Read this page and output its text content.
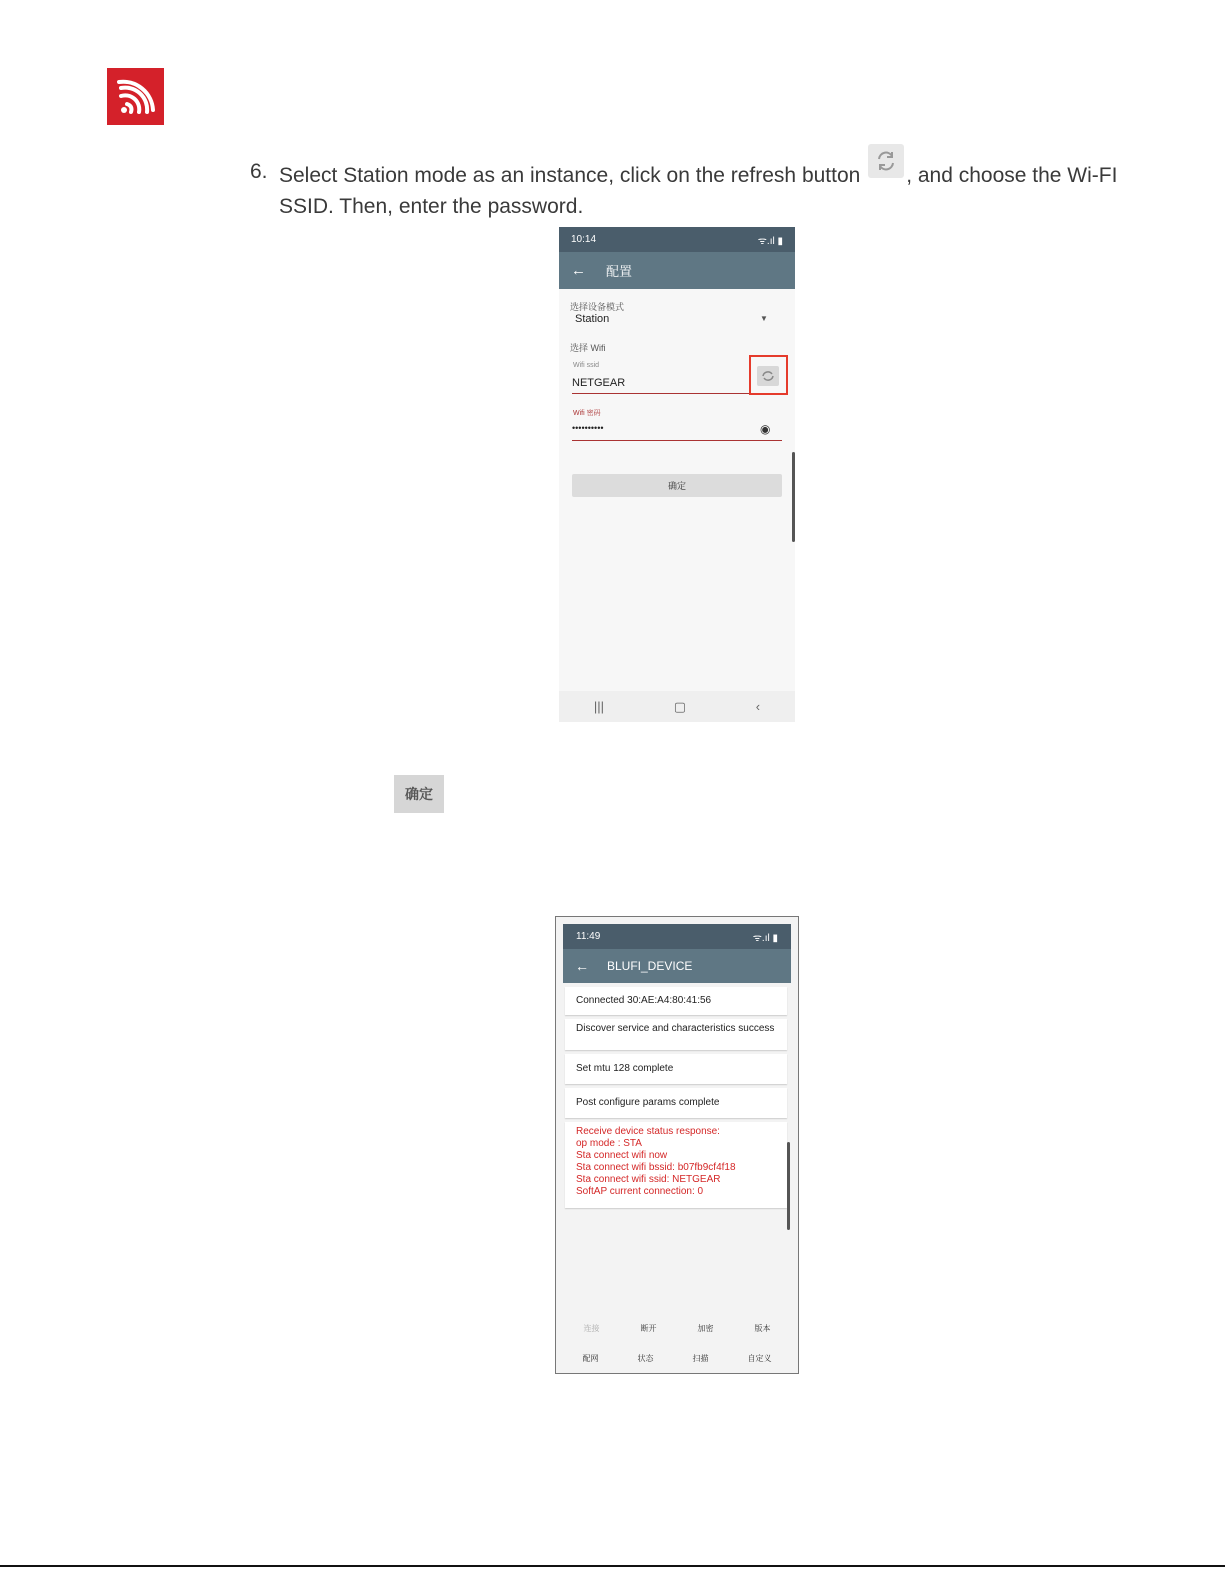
6. Select Station mode as an instance, click on the refresh button , and choose the Wi-FI SSID. Then, enter the password.
10:14	ᯤ.ıl ▮
← 配置
选择设备模式
Station	▼
选择 Wifi
Wifi ssid
NETGEAR
Wifi 密码
••••••••••	◉
确定
|||	▢	‹
确定
11:49	ᯤ.ıl ▮
← BLUFI_DEVICE
Connected 30:AE:A4:80:41:56
Discover service and characteristics success
Set mtu 128 complete
Post configure params complete
Receive device status response:
op mode : STA
Sta connect wifi now
Sta connect wifi bssid: b07fb9cf4f18
Sta connect wifi ssid: NETGEAR
SoftAP current connection: 0
连接	断开	加密	版本
配网	状态	扫描	自定义
